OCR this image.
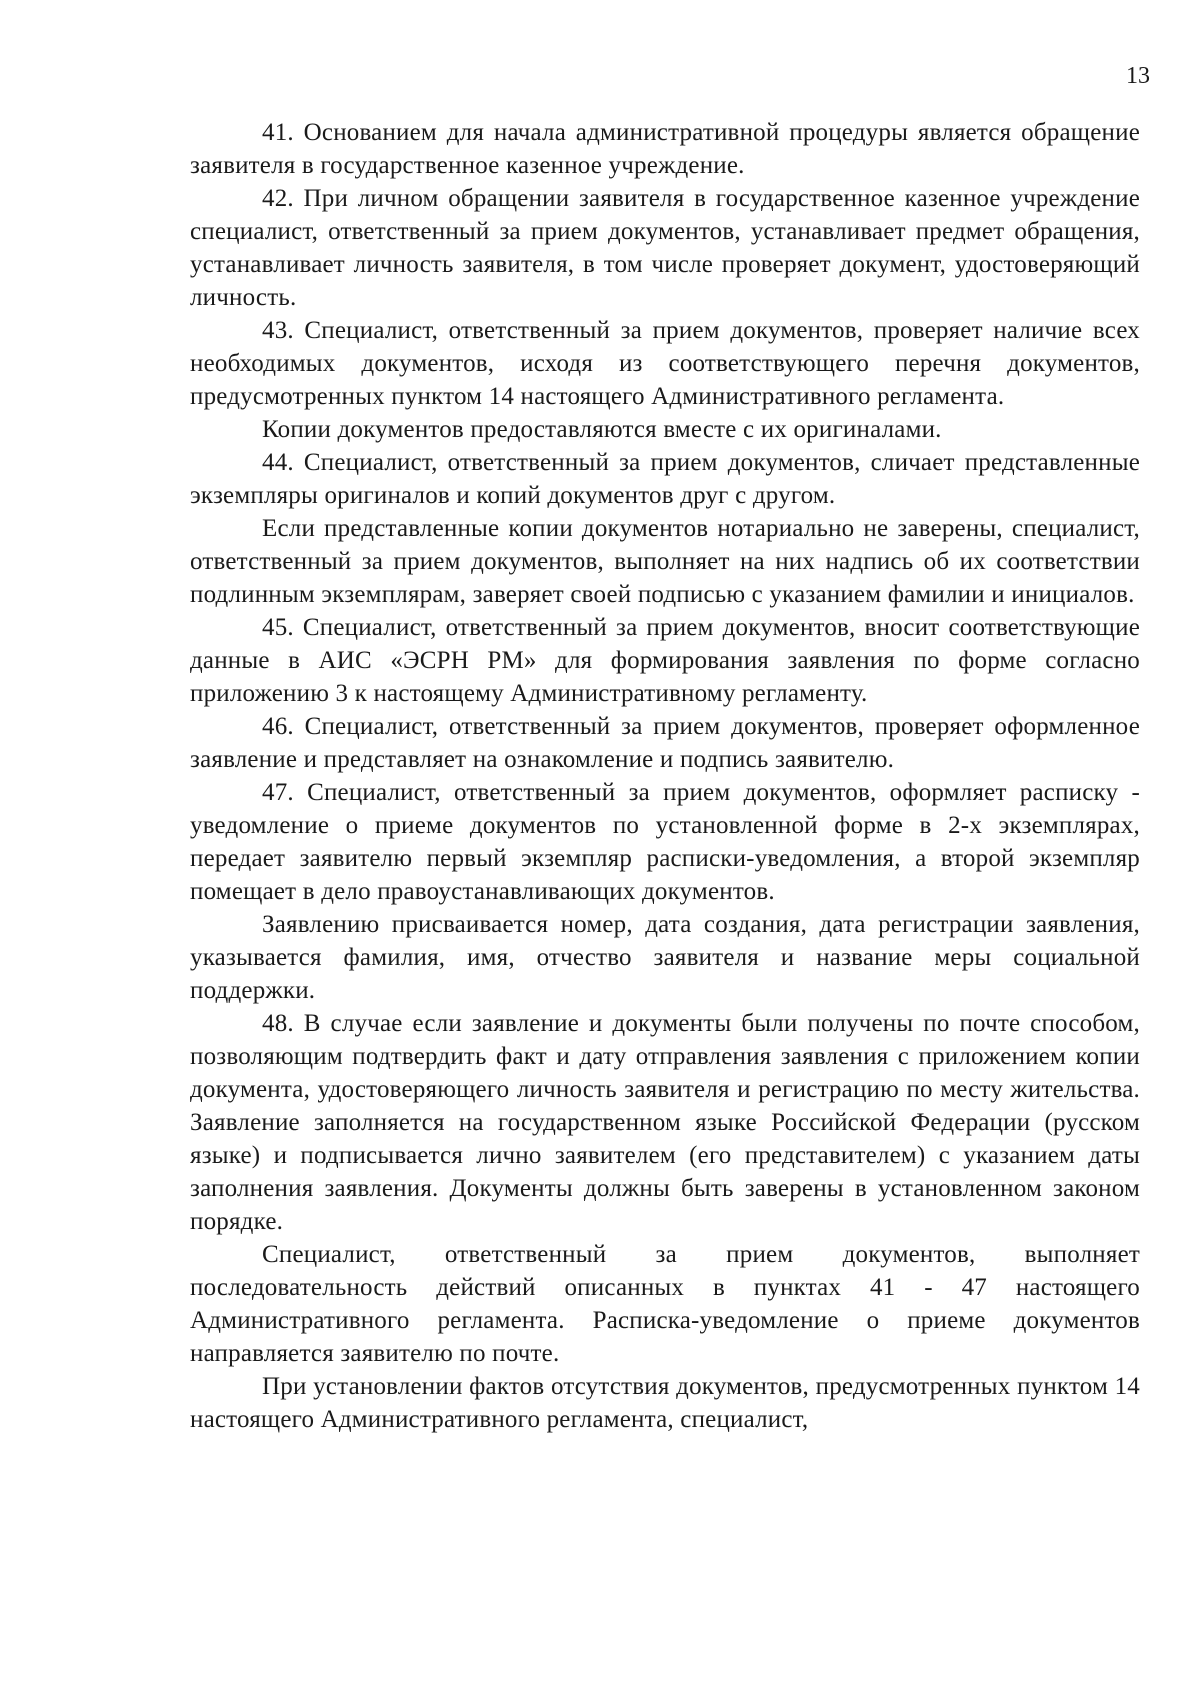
13

41. Основанием для начала административной процедуры является обращение заявителя в государственное казенное учреждение.

42. При личном обращении заявителя в государственное казенное учреждение специалист, ответственный за прием документов, устанавливает предмет обращения, устанавливает личность заявителя, в том числе проверяет документ, удостоверяющий личность.

43. Специалист, ответственный за прием документов, проверяет наличие всех необходимых документов, исходя из соответствующего перечня документов, предусмотренных пунктом 14 настоящего Административного регламента.

Копии документов предоставляются вместе с их оригиналами.

44. Специалист, ответственный за прием документов, сличает представленные экземпляры оригиналов и копий документов друг с другом.

Если представленные копии документов нотариально не заверены, специалист, ответственный за прием документов, выполняет на них надпись об их соответствии подлинным экземплярам, заверяет своей подписью с указанием фамилии и инициалов.

45. Специалист, ответственный за прием документов, вносит соответствующие данные в АИС «ЭСРН РМ» для формирования заявления по форме согласно приложению 3 к настоящему Административному регламенту.

46. Специалист, ответственный за прием документов, проверяет оформленное заявление и представляет на ознакомление и подпись заявителю.

47. Специалист, ответственный за прием документов, оформляет расписку - уведомление о приеме документов по установленной форме в 2-х экземплярах, передает заявителю первый экземпляр расписки-уведомления, а второй экземпляр помещает в дело правоустанавливающих документов.

Заявлению присваивается номер, дата создания, дата регистрации заявления, указывается фамилия, имя, отчество заявителя и название меры социальной поддержки.

48. В случае если заявление и документы были получены по почте способом, позволяющим подтвердить факт и дату отправления заявления с приложением копии документа, удостоверяющего личность заявителя и регистрацию по месту жительства. Заявление заполняется на государственном языке Российской Федерации (русском языке) и подписывается лично заявителем (его представителем) с указанием даты заполнения заявления. Документы должны быть заверены в установленном законом порядке.

Специалист, ответственный за прием документов, выполняет последовательность действий описанных в пунктах 41 - 47 настоящего Административного регламента. Расписка-уведомление о приеме документов направляется заявителю по почте.

При установлении фактов отсутствия документов, предусмотренных пунктом 14 настоящего Административного регламента, специалист,
